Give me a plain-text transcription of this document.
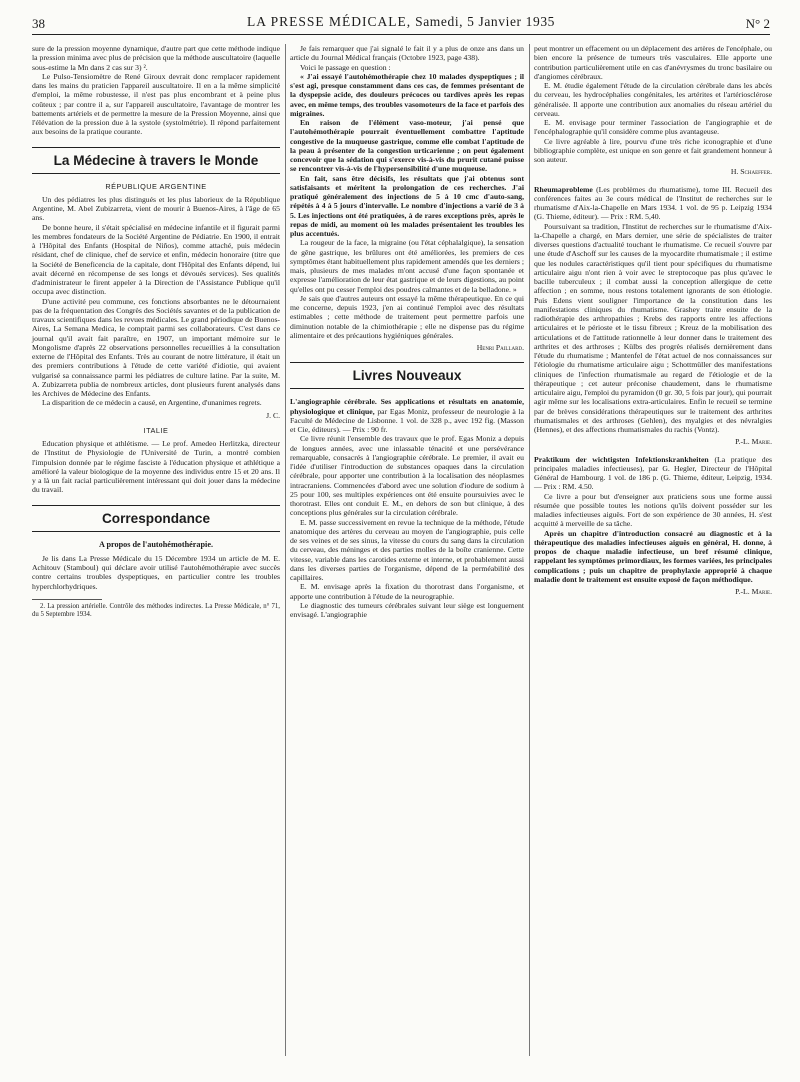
38	LA PRESSE MÉDICALE, Samedi, 5 Janvier 1935	N° 2

sure de la pression moyenne dynamique, d'autre part que cette méthode indique la pression minima avec plus de précision que la méthode auscultatoire (laquelle sous-estime la Mn dans 2 cas sur 3) ².

Le Pulso-Tensiomètre de René Giroux devrait donc remplacer rapidement dans les mains du praticien l'appareil auscultatoire. Il en a la même simplicité d'emploi, la même robustesse, il n'est pas plus encombrant et à peine plus coûteux ; par contre il a, sur l'appareil auscultatoire, l'avantage de montrer les battements artériels et de permettre la mesure de la Pression Moyenne, ainsi que l'élévation de la pression due à la systole (systolmétrie). Il répond parfaitement aux besoins de la pratique courante.

La Médecine à travers le Monde
RÉPUBLIQUE ARGENTINE

Un des pédiatres les plus distingués et les plus laborieux de la République Argentine, M. Abel Zubizarreta, vient de mourir à Buenos-Aires, à l'âge de 65 ans.

De bonne heure, il s'était spécialisé en médecine infantile et il figurait parmi les membres fondateurs de la Société Argentine de Pédiatrie. En 1900, il entrait à l'Hôpital des Enfants (Hospital de Niños), comme attaché, puis médecin résidant, chef de clinique, chef de service et enfin, médecin honoraire (titre que la Société de Beneficencia de la capitale, dont l'Hôpital des Enfants dépend, lui avait décerné en récompense de ses longs et dévoués services). Ses qualités d'administrateur le firent appeler à la Direction de l'Assistance Publique qu'il occupa avec distinction.

D'une activité peu commune, ces fonctions absorbantes ne le détournaient pas de la fréquentation des Congrès des Sociétés savantes et de la publication de travaux scientifiques dans les revues médicales. Le grand périodique de Buenos-Aires, La Semana Medica, le comptait parmi ses collaborateurs. C'est dans ce journal qu'il avait fait paraître, en 1907, un important mémoire sur le Mongolisme d'après 22 observations personnelles recueillies à la consultation externe de l'Hôpital des Enfants. Très au courant de notre littérature, il était un des premiers contributions à l'étude de cette variété d'idiotie, qui avaient vulgarisé sa connaissance parmi les pédiatres de culture latine. Par la suite, M. A. Zubizarreta publia de nombreux articles, dont plusieurs furent analysés dans les Archives de Médecine des Enfants.

La disparition de ce médecin a causé, en Argentine, d'unanimes regrets.

J. C.
ITALIE

Education physique et athlétisme. — Le prof. Amedeo Herlitzka, directeur de l'Institut de Physiologie de l'Université de Turin, a montré combien l'impulsion donnée par le régime fasciste à l'éducation physique et athlétique a amélioré la valeur biologique de la moyenne des individus entre 15 et 20 ans. Il y a là un fait racial particulièrement intéressant qui doit jouer dans la médecine du travail.

Correspondance
A propos de l'autohémothérapie.

Je lis dans La Presse Médicale du 15 Décembre 1934 un article de M. E. Achitouv (Stamboul) qui déclare avoir utilisé l'autohémothérapie avec succès contre certains troubles dyspeptiques, en particulier contre les troubles hyperchlorhydriques.

2. La pression artérielle. Contrôle des méthodes indirectes. La Presse Médicale, n° 71, du 5 Septembre 1934.

Je fais remarquer que j'ai signalé le fait il y a plus de onze ans dans un article du Journal Médical français (Octobre 1923, page 438).

Voici le passage en question :

« J'ai essayé l'autohémothérapie chez 10 malades dyspeptiques ; il s'est agi, presque constamment dans ces cas, de femmes présentant de la dyspepsie acide, des douleurs précoces ou tardives après les repas avec, en même temps, des troubles vasomoteurs de la face et parfois des migraines.

En raison de l'élément vaso-moteur, j'ai pensé que l'autohémothérapie pourrait éventuellement combattre l'aptitude congestive de la muqueuse gastrique, comme elle combat l'aptitude de la peau à présenter de la congestion urticarienne ; on peut également concevoir que la sédation qui s'exerce vis-à-vis du prurit cutané puisse se rencontrer vis-à-vis de l'hypersensibilité d'une muqueuse.

En fait, sans être décisifs, les résultats que j'ai obtenus sont satisfaisants et méritent la prolongation de ces recherches. J'ai pratiqué généralement des injections de 5 à 10 cmc d'auto-sang, répétés à 4 à 5 jours d'intervalle. Le nombre d'injections a varié de 3 à 5. Les injections ont été pratiquées, à de rares exceptions près, après le repas de midi, au moment où les malades présentaient les troubles les plus accentués.

La rougeur de la face, la migraine (ou l'état céphalalgique), la sensation de gêne gastrique, les brûlures ont été améliorées, les premiers de ces symptômes étant habituellement plus rapidement amendés que les derniers ; mais, plusieurs de mes malades m'ont accusé d'une façon spontanée et expresse l'amélioration de leur état gastrique et de leurs digestions, au point qu'elles ont pu cesser l'emploi des poudres calmantes et de la belladone. »

Je sais que d'autres auteurs ont essayé la même thérapeutique. En ce qui me concerne, depuis 1923, j'en ai continué l'emploi avec des résultats estimables ; cette méthode de traitement peut permettre parfois une diminution notable de la chimiothérapie ; elle ne dispense pas du régime alimentaire et des précautions hygiéniques générales.

Henri Paillard.
Livres Nouveaux

L'angiographie cérébrale. Ses applications et résultats en anatomie, physiologique et clinique, par Egas Moniz, professeur de neurologie à la Faculté de Médecine de Lisbonne. 1 vol. de 328 p., avec 192 fig. (Masson et Cie, éditeurs). — Prix : 90 fr.

Ce livre réunit l'ensemble des travaux que le prof. Egas Moniz a depuis de longues années, avec une inlassable ténacité et une persévérance remarquable, consacrés à l'angiographie cérébrale. Le premier, il avait eu l'idée d'utiliser l'introduction de substances opaques dans la circulation cérébrale, pour apporter une contribution à la localisation des néoplasmes intracraniens. Commencées d'abord avec une solution d'iodure de sodium à 25 pour 100, ses multiples expériences ont été ensuite poursuivies avec le thorotrast. Elles ont conduit E. M., en dehors de son but clinique, à des conceptions plus générales sur la circulation cérébrale.

E. M. passe successivement en revue la technique de la méthode, l'étude anatomique des artères du cerveau au moyen de l'angiographie, puis celle de ses veines et de ses sinus, la vitesse du cours du sang dans la circulation du cerveau, des méninges et des parties molles de la boîte cranienne. Cette vitesse, variable dans les carotides externe et interne, et probablement aussi dans les diverses parties de l'organisme, dépend de la perméabilité des capillaires.

E. M. envisage après la fixation du thorotrast dans l'organisme, et apporte une contribution à l'étude de la neurographie.

Le diagnostic des tumeurs cérébrales suivant leur siège est longuement envisagé. L'angiographie

peut montrer un effacement ou un déplacement des artères de l'encéphale, ou bien encore la présence de tumeurs très vasculaires. Elle apporte une contribution particulièrement utile en cas d'anévrysmes du tronc basilaire ou d'angiomes cérébraux.

E. M. étudie également l'étude de la circulation cérébrale dans les abcès du cerveau, les hydrocéphalies congénitales, les artérites et l'artériosclérose généralisée. Il apporte une contribution aux anomalies du réseau artériel du cerveau.

E. M. envisage pour terminer l'association de l'angiographie et de l'encéphalographie qu'il considère comme plus avantageuse.

Ce livre agréable à lire, pourvu d'une très riche iconographie et d'une bibliographie complète, est unique en son genre et fait grandement honneur à son auteur.

H. Schaeffer.

Rheumaprobleme (Les problèmes du rhumatisme), tome III. Recueil des conférences faites au 3e cours médical de l'Institut de recherches sur le rhumatisme d'Aix-la-Chapelle en Mars 1934. 1 vol. de 95 p. Leipzig 1934 (G. Thieme, éditeur). — Prix : RM. 5,40.

Poursuivant sa tradition, l'Institut de recherches sur le rhumatisme d'Aix-la-Chapelle a chargé, en Mars dernier, une série de spécialistes de traiter diverses questions d'actualité touchant le rhumatisme. Ce recueil s'ouvre par une étude d'Aschoff sur les causes de la myocardite rhumatismale ; il estime que les nodules caractéristiques qu'il tient pour spécifiques du rhumatisme articulaire aigu n'ont rien à voir avec le streptocoque pas plus qu'avec le bacille tuberculeux ; il combat aussi la conception allergique de cette affection ; en somme, nous restons totalement ignorants de son étiologie. Puis Edens vient souligner l'importance de la constitution dans les manifestations cliniques du rhumatisme. Grashey traite ensuite de la radiothérapie des arthropathies ; Krebs des rapports entre les affections articulaires et le périoste et le tissu fibreux ; Kreuz de la mobilisation des articulations et de l'attitude rationnelle à leur donner dans le traitement des arthrites et des arthroses ; Külbs des progrès réalisés dernièrement dans l'étude du rhumatisme ; Mantenfel de l'état actuel de nos connaissances sur l'étiologie du rhumatisme articulaire aigu ; Schottmüller des manifestations cliniques de l'infection rhumatismale au regard de l'étiologie et de la thérapeutique ; cet auteur préconise chaudement, dans le rhumatisme articulaire aigu, l'emploi du pyramidon (0 gr. 30, 5 fois par jour), qui pourrait agir même sur les localisations extra-articulaires. Enfin le recueil se termine par de brèves considérations thérapeutiques sur le traitement des arthrites rhumatismales et des arthroses (Gehlen), des myalgies et des névralgies (Hennes), et des affections rhumatismales du rachis (Vontz).

P.-L. Marie.

Praktikum der wichtigsten Infektionskrankheiten (La pratique des principales maladies infectieuses), par G. Hegler, Directeur de l'Hôpital Général de Hambourg. 1 vol. de 186 p. (G. Thieme, éditeur, Leipzig, 1934. — Prix : RM. 4.50.

Ce livre a pour but d'enseigner aux praticiens sous une forme aussi résumée que possible toutes les notions qu'ils doivent posséder sur les maladies infectieuses aiguës. Fort de son expérience de 30 années, H. s'est acquitté à merveille de sa tâche.

Après un chapitre d'introduction consacré au diagnostic et à la thérapeutique des maladies infectieuses aiguës en général, H. donne, à propos de chaque maladie infectieuse, un bref résumé clinique, rappelant les symptômes primordiaux, les formes variées, les principales complications ; puis un chapitre de prophylaxie approprié à chaque maladie dont le traitement est ensuite exposé de façon méthodique.

P.-L. Marie.
